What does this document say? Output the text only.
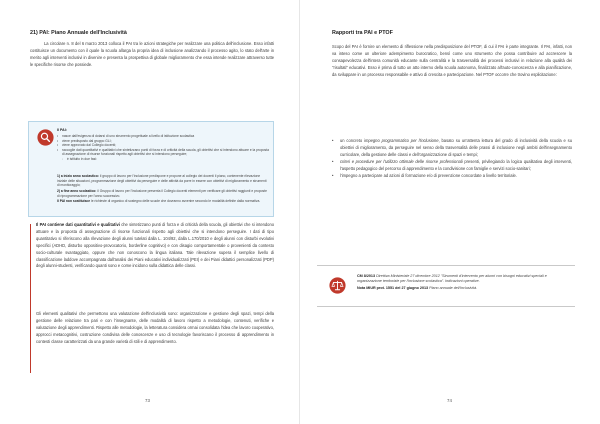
21) PAI: Piano Annuale dell'Inclusività

La circolare n. 8 del 6 marzo 2013 colloca il PAI tra le azioni strategiche per realizzare una politica dell'inclusione. Esso infatti costituisce un documento con il quale la scuola allarga la propria idea di inclusione analizzando il processo agito, lo stato dell'arte in merito agli interventi inclusivi in divenire e presenta la prospettiva di globale miglioramento che essa intende realizzare attraverso tutte le specifiche risorse che possiede.

Il PAI:
• nasce dall'esigenza di dotarsi di uno strumento progettuale a livello di istituzione scolastica
• viene predisposto dal gruppo GLI;
• viene approvato dal Collegio docenti;
• raccoglie dati quantitativi e qualitativi che sintetizzano punti di forza e di criticità della scuola, gli obiettivi che si intendono attuare e la proposta di assegnazione di risorse funzionali rispetto agli obiettivi che si intendono perseguire;
◦ è istituito in due fasi:

1) a inizio anno scolastico: il gruppo di lavoro per l'inclusione predispone e propone al collegio dei docenti il piano, contenente rilevazione iniziale delle situazioni, programmazione degli obiettivi da perseguire e delle attività da porre in essere con obiettivi di miglioramento e strumenti di monitoraggio;

2) a fine anno scolastico: il Gruppo di lavoro per l'inclusione presenta il Collegio docenti elementi per verificare gli obiettivi raggiunti e proposte di riprogrammazione per l'anno successivo.

Il PAI non sostituisce le richieste di organico di sostegno delle scuole che dovranno avvenire secondo le modalità definite dalla normativa.

Il PAI contiene dati quantitativi e qualitativi che sintetizzano punti di forza e di criticità della scuola, gli obiettivi che si intendono attuare e la proposta di assegnazione di risorse funzionali rispetto agli obiettivi che si intendono perseguire. I dati di tipo quantitativo si riferiscono alla rilevazione degli alunni tutelati dalla L. 104/92, dalla L.170/2010 e degli alunni con disturbi evolutivi specifici (ADHD, disturbo oppositivo-provocatorio, borderline cognitivo) e con disagio comportamentale o provenienti da contesto socio-culturale svantaggiato, oppure che non conoscono la lingua italiana. Tale rilevazione supera il semplice livello di classificazione laddove accompagnata dall'analisi dei Piani educativi individualizzati (PEI) e dei Piani didattici personalizzati (PDP) degli alunni-studenti, verificando quanti sono e come incidono sulla didattica delle classi.

Gli elementi qualitativi che permettono una valutazione dell'inclusività sono: organizzazione e gestione degli spazi, tempi della gestione delle relazione tra pari e con l'insegnante, delle modalità di lavoro rispetto a metodologie, contenuti, verifiche e valutazione degli apprendimenti. Rispetto alle metodologie, la letteratura considera ormai consolidata l'idea che lavoro cooperativo, approcci metacognitivi, costruzione condivisa delle conoscenze e uso di tecnologie favoriscano il processo di apprendimento in contesti classe caratterizzati da una grande varietà di stili e di apprendimento.

73
Rapporti tra PAI e PTOF

Scopo del PAI è fornire un elemento di riflessione nella predisposizione del PTOF, di cui il PAI è parte integrante. Il PAI, infatti, non va inteso come un ulteriore adempimento burocratico, bensì come uno strumento che possa contribuire ad accrescere la consapevolezza dell'intera comunità educante sulla centralità e la trasversalità dei processi inclusivi in relazione alla qualità dei "risultati" educativi. Esso è prima di tutto un atto interno della scuola autonoma, finalizzato all'auto-conoscenza e alla pianificazione, da sviluppare in un processo responsabile e attivo di crescita e partecipazione. Nel PTOF occorre che trovino esplicitazione:

• un concreto impegno programmatico per l'inclusione, basato su un'attenta lettura del grado di inclusività della scuola e su obiettivi di miglioramento, da perseguire nel senso della trasversalità delle prassi di inclusione negli ambiti dell'insegnamento curricolare, della gestione delle classi e dell'organizzazione di spazi e tempi;
• criteri e procedure per l'utilizzo ottimale delle risorse professionali presenti, privilegiando la logica qualitativa degli interventi, l'aspetto pedagogico del percorso di apprendimento e la condivisione con famiglie e servizi socio-sanitari;
• l'impegno a partecipare ad azioni di formazione e/o di prevenzione concordate a livello territoriale.

CM 8/2013 Direttiva Ministeriale 27 dicembre 2012 "Strumenti d'intervento per alunni con bisogni educativi speciali e organizzazione territoriale per l'inclusione scolastica". Indicazioni operative.

Nota MIUR prot. 1551 del 27 giugno 2013 Piano annuale dell'inclusività.

74
